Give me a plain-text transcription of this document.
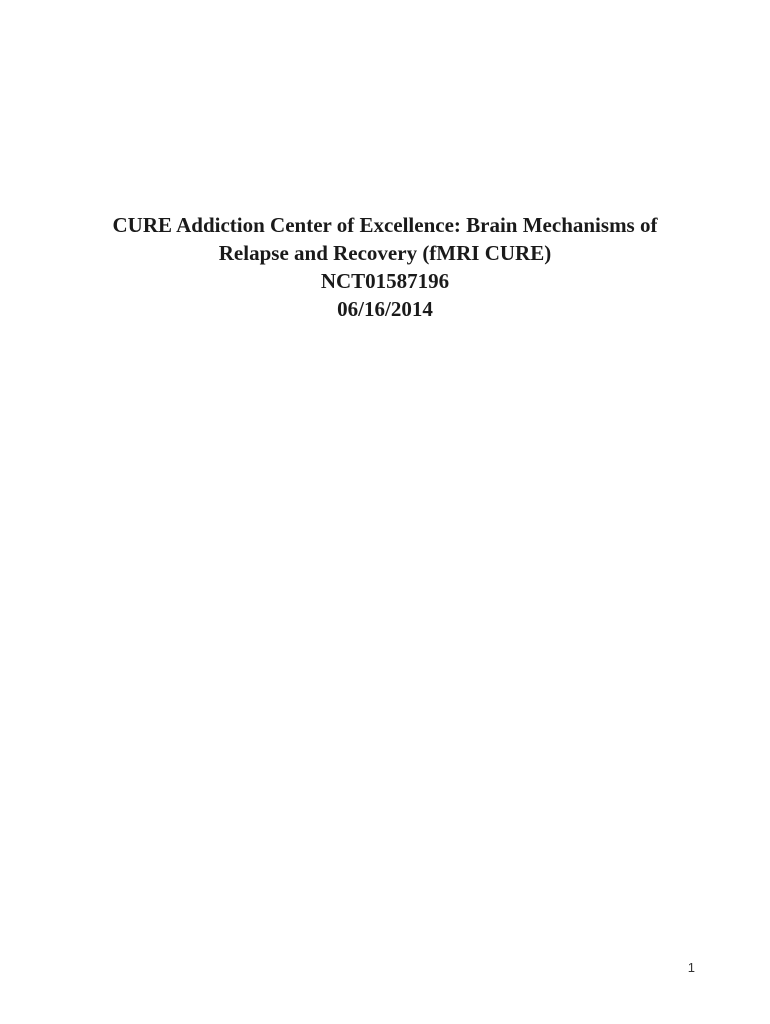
CURE Addiction Center of Excellence: Brain Mechanisms of
Relapse and Recovery (fMRI CURE)
NCT01587196
06/16/2014
1
